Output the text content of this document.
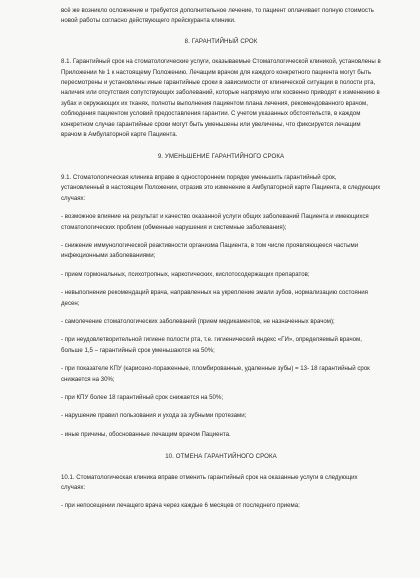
всё же возникло осложнение и требуется дополнительное лечение, то пациент оплачивает полную стоимость новой работы согласно действующего прейскуранта клиники.

8. ГАРАНТИЙНЫЙ СРОК

8.1. Гарантийный срок на стоматологические услуги, оказываемые Стоматологической клиникой, установлены в Приложении № 1 к настоящему Положению. Лечащим врачом для каждого конкретного пациента могут быть пересмотрены и установлены иные гарантийные сроки в зависимости от клинической ситуации в полости рта, наличия или отсутствия сопутствующих заболеваний, которые напрямую или косвенно приводят к изменению в зубах и окружающих их тканях, полноты выполнения пациентом плана лечения, рекомендованного врачом, соблюдения пациентом условий предоставления гарантии. С учетом указанных обстоятельств, в каждом конкретном случае гарантийные сроки могут быть уменьшены или увеличены, что фиксируется лечащим врачом в Амбулаторной карте Пациента.

9. УМЕНЬШЕНИЕ ГАРАНТИЙНОГО СРОКА

9.1. Стоматологическая клиника вправе в одностороннем порядке уменьшить гарантийный срок, установленный в настоящем Положении, отразив это изменение в Амбулаторной карте Пациента, в следующих случаях:

- возможное влияние на результат и качество оказанной услуги общих заболеваний Пациента и имеющихся стоматологических проблем (обменные нарушения и системные заболевания);

- снижение иммунологической реактивности организма Пациента, в том числе проявляющееся частыми инфекционными заболеваниями;

- прием гормональных, психотропных, наркотических, кислотосодержащих препаратов;

- невыполнение рекомендаций врача, направленных на укрепление эмали зубов, нормализацию состояния десен;

- самолечение стоматологических заболеваний (прием медикаментов, не назначенных врачом);

- при неудовлетворительной гигиене полости рта, т.е. гигиенический индекс «ГИ», определяемый врачом, больше 1,5 – гарантийный срок уменьшаются на 50%;

- при показателе КПУ (кариозно-пораженные, пломбированные, удаленные зубы) = 13- 18 гарантийный срок снижается на 30%;

- при КПУ более 18 гарантийный срок снижается на 50%;

- нарушение правил пользования и ухода за зубными протезами;

- иные причины, обоснованные лечащим врачом Пациента.

10. ОТМЕНА ГАРАНТИЙНОГО СРОКА

10.1. Стоматологическая клиника вправе отменить гарантийный срок на оказанные услуги в следующих случаях:

- при непосещении лечащего врача через каждые 6 месяцев от последнего приема;
